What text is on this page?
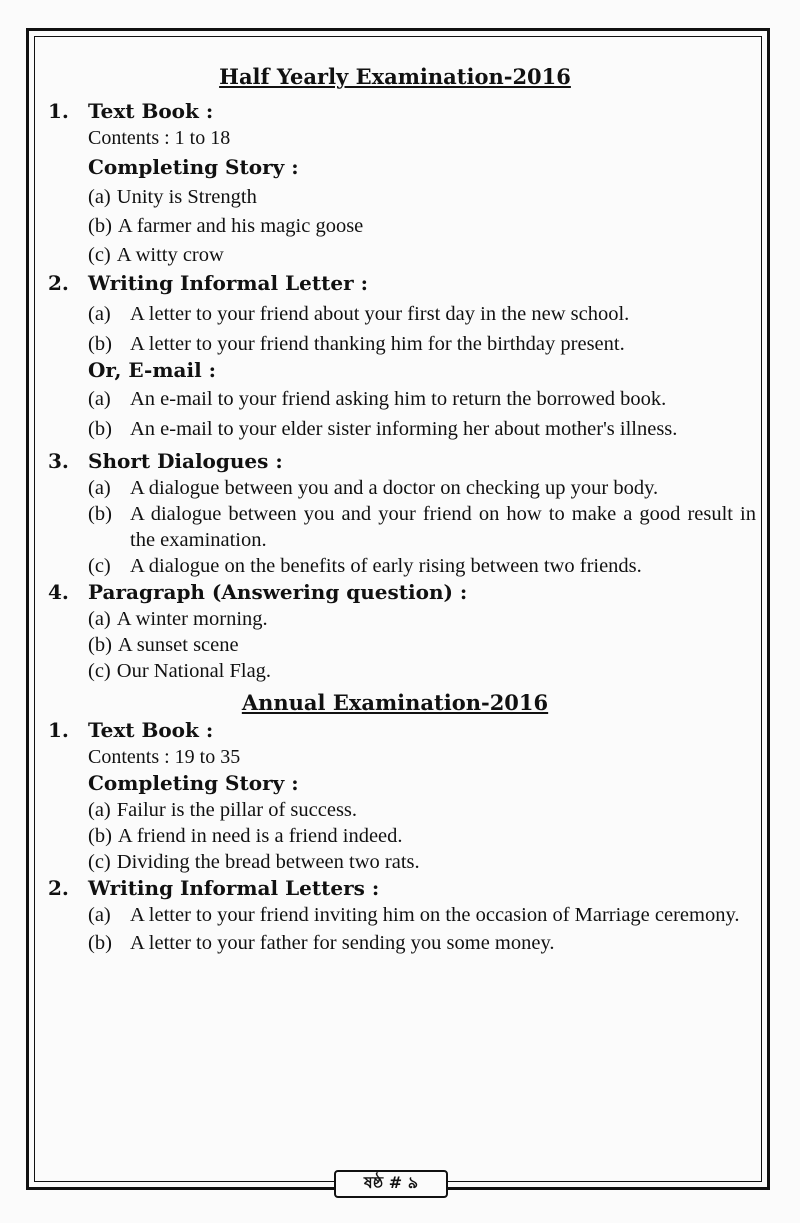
Half Yearly Examination-2016
1. Text Book :
Contents : 1 to 18
Completing Story :
(a) Unity is Strength
(b) A farmer and his magic goose
(c) A witty crow
2. Writing Informal Letter :
(a) A letter to your friend about your first day in the new school.
(b) A letter to your friend thanking him for the birthday present.
Or, E-mail :
(a) An e-mail to your friend asking him to return the borrowed book.
(b) An e-mail to your elder sister informing her about mother's illness.
3. Short Dialogues :
(a) A dialogue between you and a doctor on checking up your body.
(b) A dialogue between you and your friend on how to make a good result in the examination.
(c) A dialogue on the benefits of early rising between two friends.
4. Paragraph (Answering question) :
(a) A winter morning.
(b) A sunset scene
(c) Our National Flag.
Annual Examination-2016
1. Text Book :
Contents : 19 to 35
Completing Story :
(a) Failur is the pillar of success.
(b) A friend in need is a friend indeed.
(c) Dividing the bread between two rats.
2. Writing Informal Letters :
(a) A letter to your friend inviting him on the occasion of Marriage ceremony.
(b) A letter to your father for sending you some money.
ষষ্ঠ # ৯
